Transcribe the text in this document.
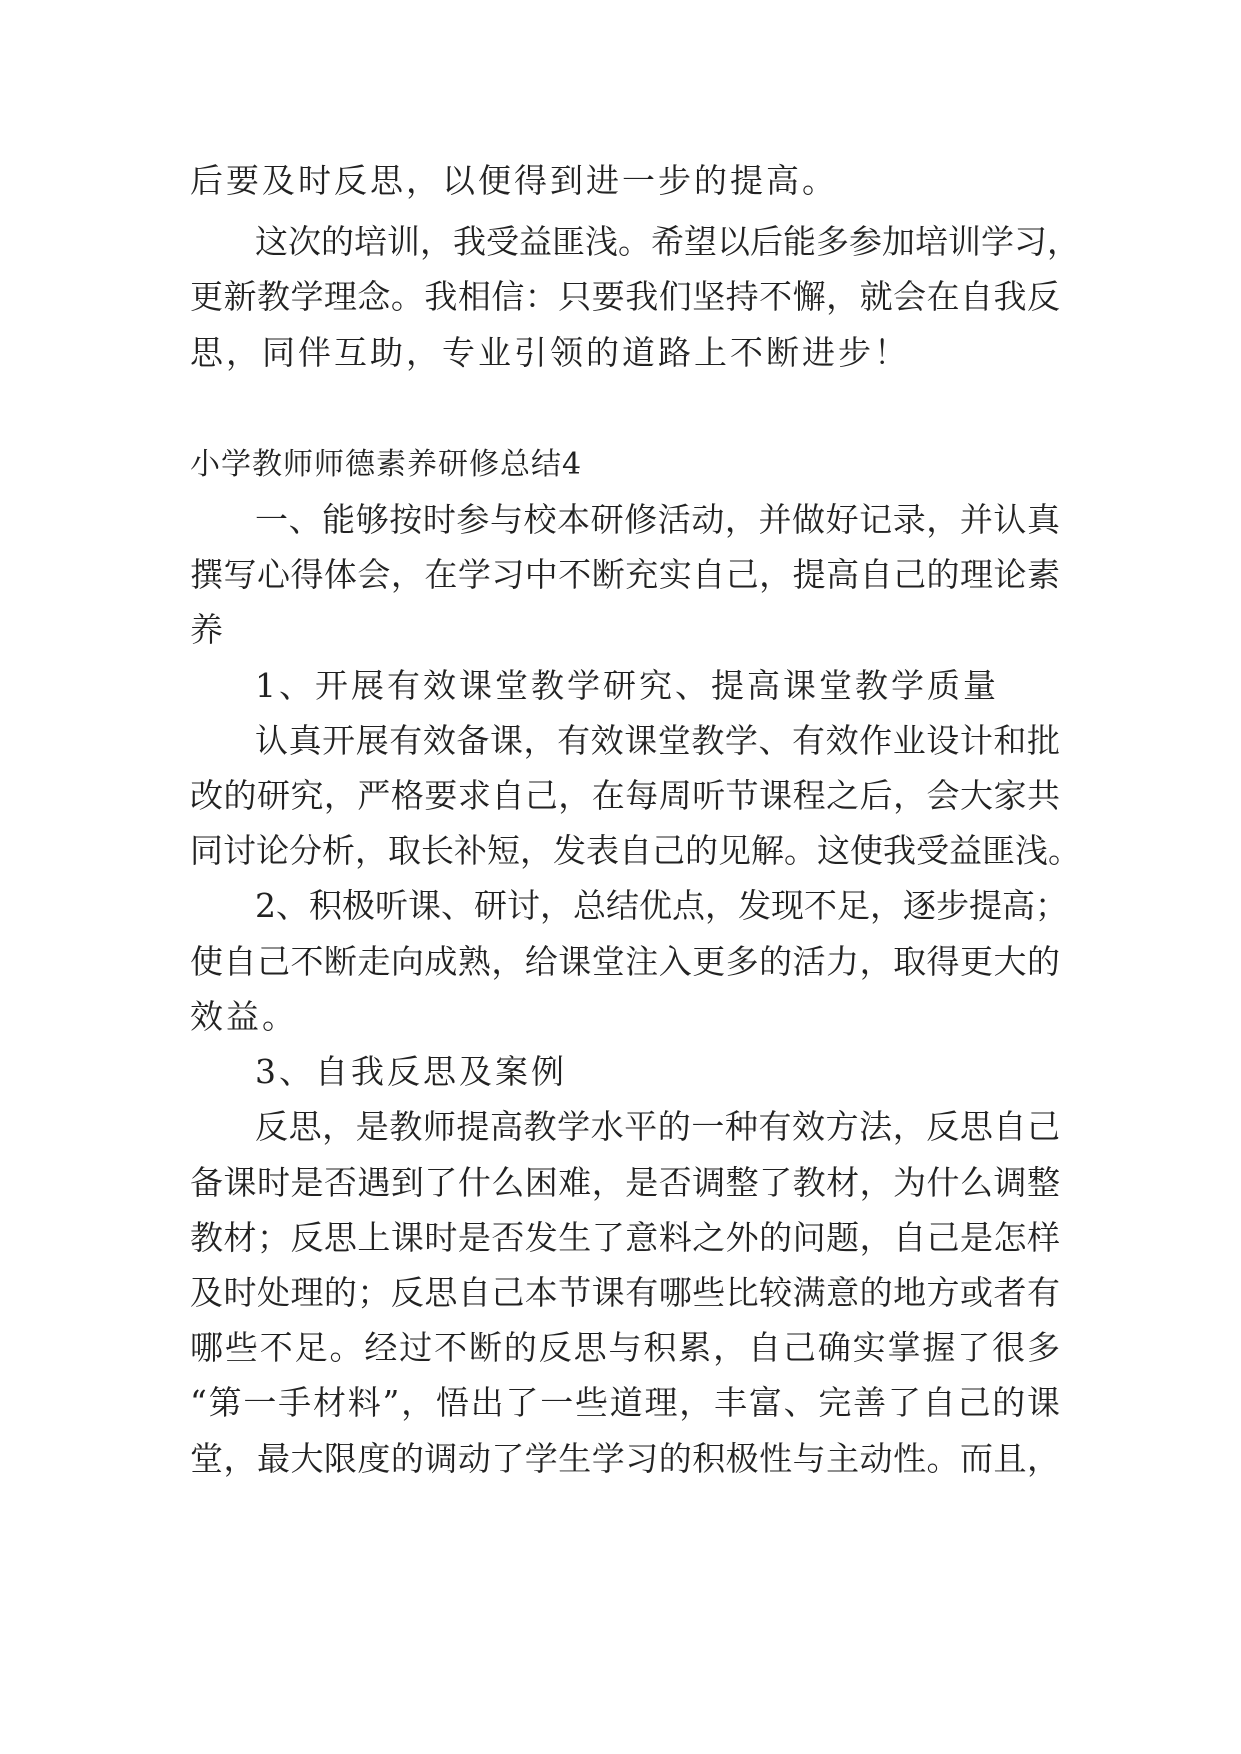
后要及时反思，以便得到进一步的提高。
这次的培训，我受益匪浅。希望以后能多参加培训学习，
更新教学理念。我相信：只要我们坚持不懈，就会在自我反
思，同伴互助，专业引领的道路上不断进步！
小学教师师德素养研修总结4
一、能够按时参与校本研修活动，并做好记录，并认真
撰写心得体会，在学习中不断充实自己，提高自己的理论素
养
1、开展有效课堂教学研究、提高课堂教学质量
认真开展有效备课，有效课堂教学、有效作业设计和批
改的研究，严格要求自己，在每周听节课程之后，会大家共
同讨论分析，取长补短，发表自己的见解。这使我受益匪浅。
2、积极听课、研讨，总结优点，发现不足，逐步提高；
使自己不断走向成熟，给课堂注入更多的活力，取得更大的
效益。
3、自我反思及案例
反思，是教师提高教学水平的一种有效方法，反思自己
备课时是否遇到了什么困难，是否调整了教材，为什么调整
教材；反思上课时是否发生了意料之外的问题，自己是怎样
及时处理的；反思自己本节课有哪些比较满意的地方或者有
哪些不足。经过不断的反思与积累，自己确实掌握了很多
“第一手材料”，悟出了一些道理，丰富、完善了自己的课
堂，最大限度的调动了学生学习的积极性与主动性。而且，
